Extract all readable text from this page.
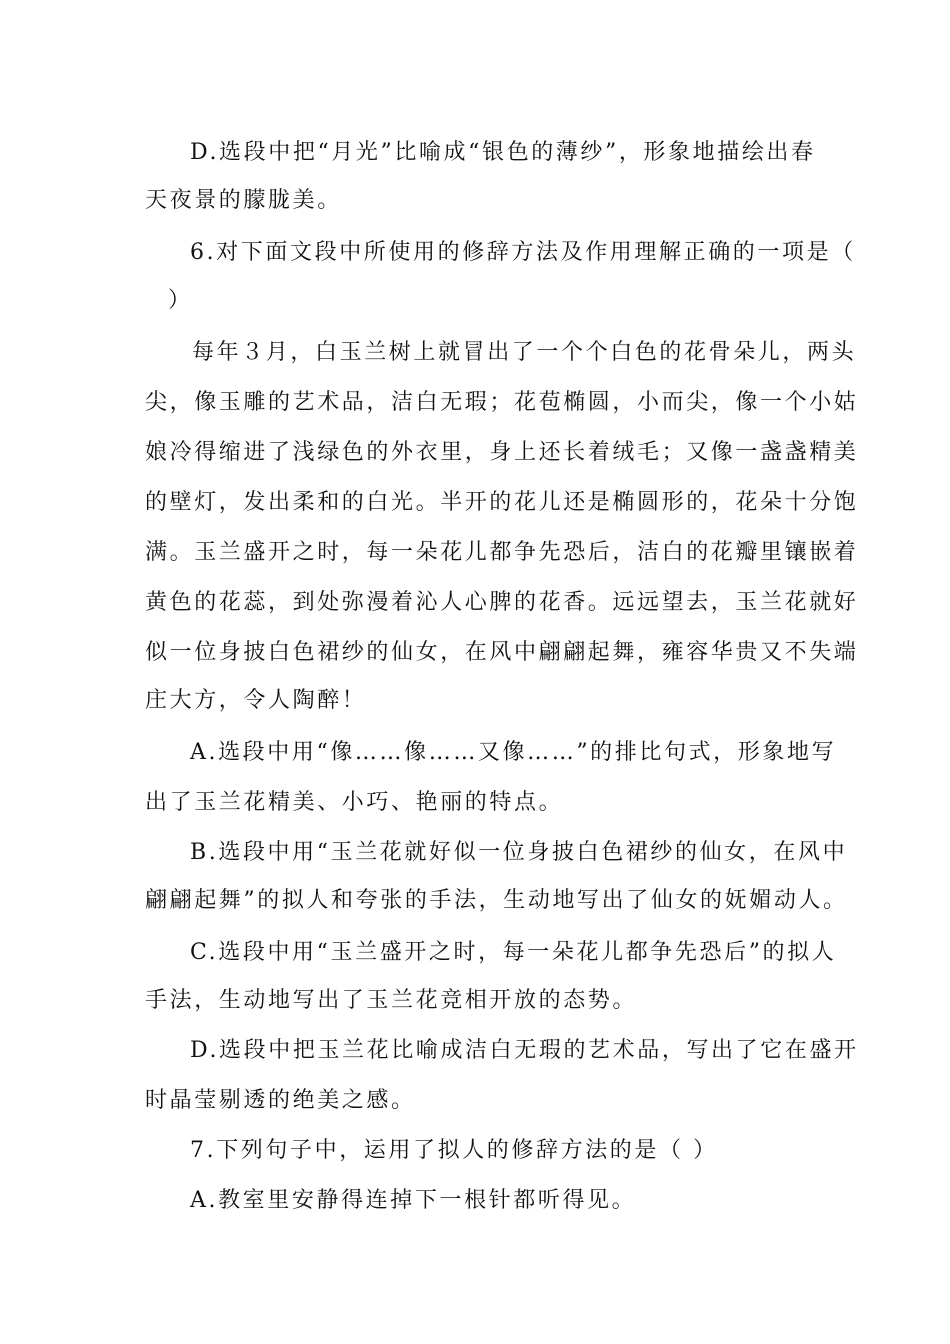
D.选段中把“月光”比喻成“银色的薄纱”，形象地描绘出春
天夜景的朦胧美。
6.对下面文段中所使用的修辞方法及作用理解正确的一项是（
）
每年３月，白玉兰树上就冒出了一个个白色的花骨朵儿，两头
尖，像玉雕的艺术品，洁白无瑕；花苞椭圆，小而尖，像一个小姑
娘冷得缩进了浅绿色的外衣里，身上还长着绒毛；又像一盏盏精美
的壁灯，发出柔和的白光。半开的花儿还是椭圆形的，花朵十分饱
满。玉兰盛开之时，每一朵花儿都争先恐后，洁白的花瓣里镶嵌着
黄色的花蕊，到处弥漫着沁人心脾的花香。远远望去，玉兰花就好
似一位身披白色裙纱的仙女，在风中翩翩起舞，雍容华贵又不失端
庄大方，令人陶醉！
A.选段中用“像……像……又像……”的排比句式，形象地写
出了玉兰花精美、小巧、艳丽的特点。
B.选段中用“玉兰花就好似一位身披白色裙纱的仙女，在风中
翩翩起舞”的拟人和夸张的手法，生动地写出了仙女的妩媚动人。
C.选段中用“玉兰盛开之时，每一朵花儿都争先恐后”的拟人
手法，生动地写出了玉兰花竞相开放的态势。
D.选段中把玉兰花比喻成洁白无瑕的艺术品，写出了它在盛开
时晶莹剔透的绝美之感。
7.下列句子中，运用了拟人的修辞方法的是（ ）
A.教室里安静得连掉下一根针都听得见。
